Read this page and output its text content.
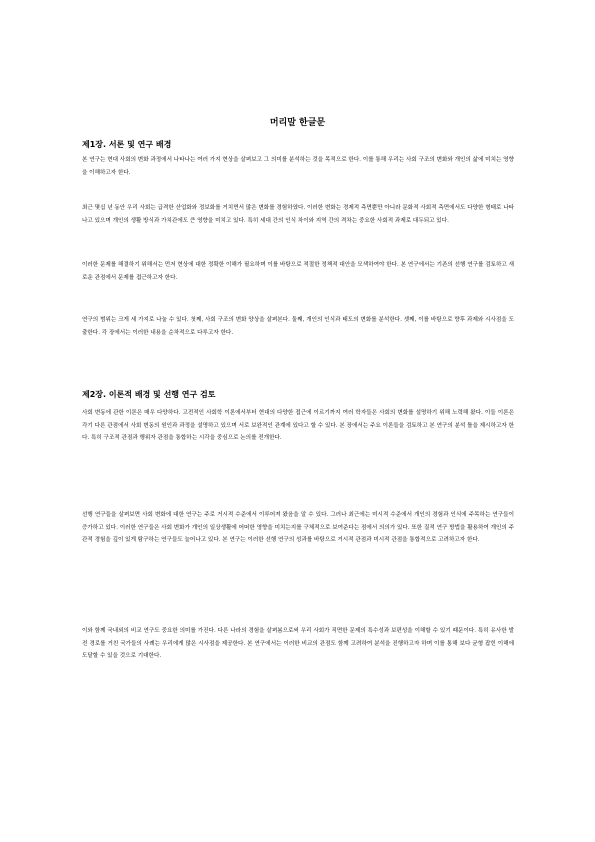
머리말 한글문
제1장. 서론 및 연구 배경
본 연구는 현대 사회의 변화 과정에서 나타나는 여러 가지 현상을 살펴보고 그 의미를 분석하는 것을 목적으로 한다. 이를 통해 우리는 사회 구조의 변화와 개인의 삶에 미치는 영향을 이해하고자 한다.
최근 몇십 년 동안 우리 사회는 급격한 산업화와 정보화를 거치면서 많은 변화를 경험하였다. 이러한 변화는 경제적 측면뿐만 아니라 문화적 사회적 측면에서도 다양한 형태로 나타나고 있으며 개인의 생활 방식과 가치관에도 큰 영향을 미치고 있다. 특히 세대 간의 인식 차이와 지역 간의 격차는 중요한 사회적 과제로 대두되고 있다.
이러한 문제를 해결하기 위해서는 먼저 현상에 대한 정확한 이해가 필요하며 이를 바탕으로 적절한 정책적 대안을 모색하여야 한다. 본 연구에서는 기존의 선행 연구를 검토하고 새로운 관점에서 문제를 접근하고자 한다.
연구의 범위는 크게 세 가지로 나눌 수 있다. 첫째, 사회 구조의 변화 양상을 살펴본다. 둘째, 개인의 인식과 태도의 변화를 분석한다. 셋째, 이를 바탕으로 향후 과제와 시사점을 도출한다. 각 장에서는 이러한 내용을 순차적으로 다루고자 한다.
제2장. 이론적 배경 및 선행 연구 검토
사회 변동에 관한 이론은 매우 다양하다. 고전적인 사회학 이론에서부터 현대의 다양한 접근에 이르기까지 여러 학자들은 사회의 변화를 설명하기 위해 노력해 왔다. 이들 이론은 각기 다른 관점에서 사회 변동의 원인과 과정을 설명하고 있으며 서로 보완적인 관계에 있다고 할 수 있다. 본 장에서는 주요 이론들을 검토하고 본 연구의 분석 틀을 제시하고자 한다. 특히 구조적 관점과 행위자 관점을 통합하는 시각을 중심으로 논의를 전개한다.
선행 연구들을 살펴보면 사회 변화에 대한 연구는 주로 거시적 수준에서 이루어져 왔음을 알 수 있다. 그러나 최근에는 미시적 수준에서 개인의 경험과 인식에 주목하는 연구들이 증가하고 있다. 이러한 연구들은 사회 변화가 개인의 일상생활에 어떠한 영향을 미치는지를 구체적으로 보여준다는 점에서 의의가 있다. 또한 질적 연구 방법을 활용하여 개인의 주관적 경험을 깊이 있게 탐구하는 연구들도 늘어나고 있다. 본 연구는 이러한 선행 연구의 성과를 바탕으로 거시적 관점과 미시적 관점을 통합적으로 고려하고자 한다.
이와 함께 국내외의 비교 연구도 중요한 의미를 가진다. 다른 나라의 경험을 살펴봄으로써 우리 사회가 직면한 문제의 특수성과 보편성을 이해할 수 있기 때문이다. 특히 유사한 발전 경로를 거친 국가들의 사례는 우리에게 많은 시사점을 제공한다. 본 연구에서는 이러한 비교의 관점도 함께 고려하여 분석을 진행하고자 하며 이를 통해 보다 균형 잡힌 이해에 도달할 수 있을 것으로 기대한다.
